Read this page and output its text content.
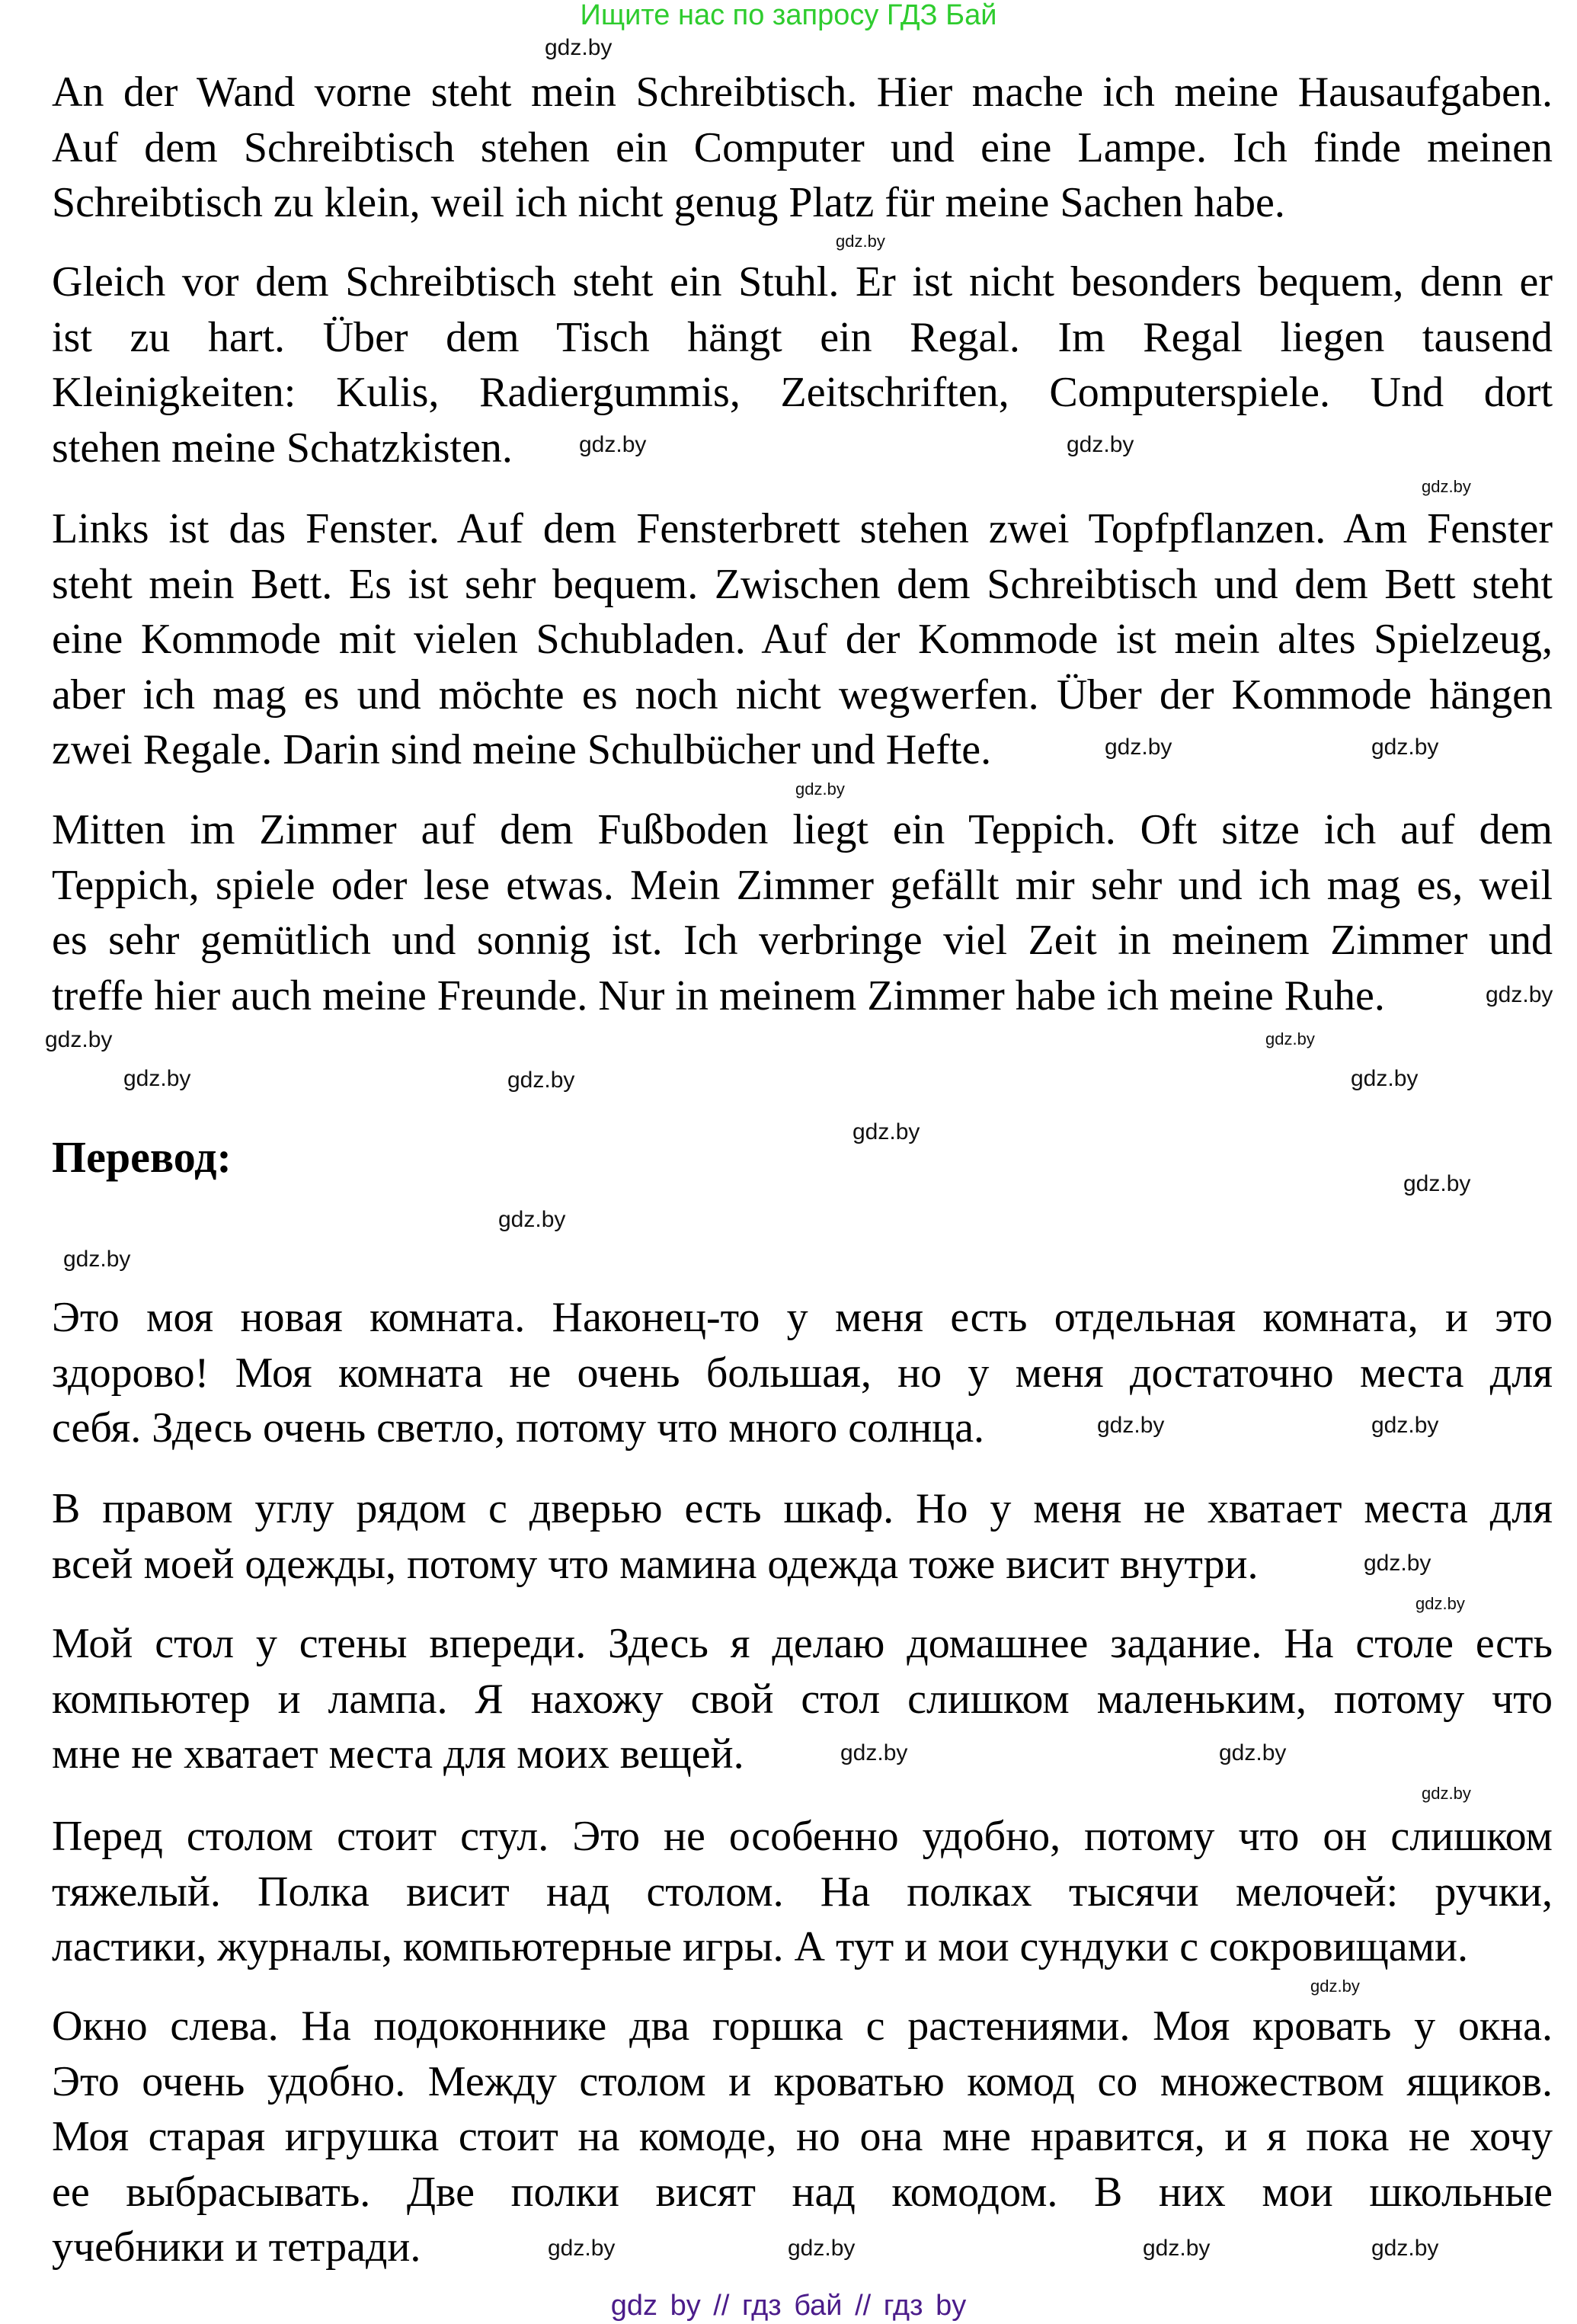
Ищите нас по запросу ГДЗ Бай
An der Wand vorne steht mein Schreibtisch. Hier mache ich meine Hausaufgaben.
Auf dem Schreibtisch stehen ein Computer und eine Lampe. Ich finde meinen
Schreibtisch zu klein, weil ich nicht genug Platz für meine Sachen habe.
Gleich vor dem Schreibtisch steht ein Stuhl. Er ist nicht besonders bequem, denn er
ist zu hart. Über dem Tisch hängt ein Regal. Im Regal liegen tausend
Kleinigkeiten: Kulis, Radiergummis, Zeitschriften, Computerspiele. Und dort
stehen meine Schatzkisten.
Links ist das Fenster. Auf dem Fensterbrett stehen zwei Topfpflanzen. Am Fenster
steht mein Bett. Es ist sehr bequem. Zwischen dem Schreibtisch und dem Bett steht
eine Kommode mit vielen Schubladen. Auf der Kommode ist mein altes Spielzeug,
aber ich mag es und möchte es noch nicht wegwerfen. Über der Kommode hängen
zwei Regale. Darin sind meine Schulbücher und Hefte.
Mitten im Zimmer auf dem Fußboden liegt ein Teppich. Oft sitze ich auf dem
Teppich, spiele oder lese etwas. Mein Zimmer gefällt mir sehr und ich mag es, weil
es sehr gemütlich und sonnig ist. Ich verbringe viel Zeit in meinem Zimmer und
treffe hier auch meine Freunde. Nur in meinem Zimmer habe ich meine Ruhe.
Перевод:
Это моя новая комната. Наконец-то у меня есть отдельная комната, и это
здорово! Моя комната не очень большая, но у меня достаточно места для
себя. Здесь очень светло, потому что много солнца.
В правом углу рядом с дверью есть шкаф. Но у меня не хватает места для
всей моей одежды, потому что мамина одежда тоже висит внутри.
Мой стол у стены впереди. Здесь я делаю домашнее задание. На столе есть
компьютер и лампа. Я нахожу свой стол слишком маленьким, потому что
мне не хватает места для моих вещей.
Перед столом стоит стул. Это не особенно удобно, потому что он слишком
тяжелый. Полка висит над столом. На полках тысячи мелочей: ручки,
ластики, журналы, компьютерные игры. А тут и мои сундуки с сокровищами.
Окно слева. На подоконнике два горшка с растениями. Моя кровать у окна.
Это очень удобно. Между столом и кроватью комод со множеством ящиков.
Моя старая игрушка стоит на комоде, но она мне нравится, и я пока не хочу
ее выбрасывать. Две полки висят над комодом. В них мои школьные
учебники и тетради.
gdz.by
gdz.by
gdz.by
gdz.by
gdz.by
gdz.by	gdz.by
gdz.by
gdz.by
gdz.by
gdz.by
gdz.by
gdz.by
gdz.by
gdz.by
gdz.by
gdz.by
gdz.by
gdz.by	gdz.by
gdz.by
gdz.by
gdz.by
gdz.by
gdz.by
gdz.by
gdz.by
gdz.by
gdz.by
gdz.by
gdz by // гдз бай // гдз by
